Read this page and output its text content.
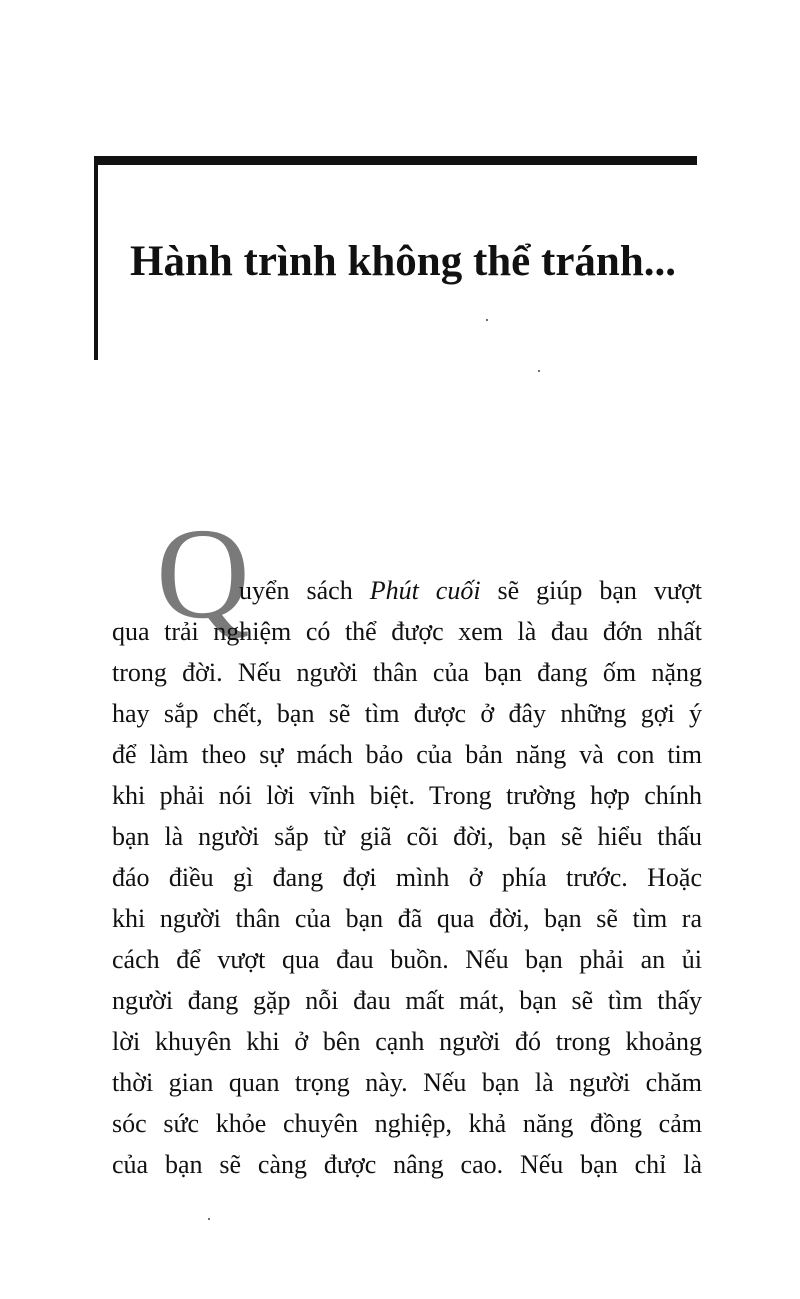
Hành trình không thể tránh...
Q
uyển sách Phút cuối sẽ giúp bạn vượt
qua trải nghiệm có thể được xem là đau đớn nhất
trong đời. Nếu người thân của bạn đang ốm nặng
hay sắp chết, bạn sẽ tìm được ở đây những gợi ý
để làm theo sự mách bảo của bản năng và con tim
khi phải nói lời vĩnh biệt. Trong trường hợp chính
bạn là người sắp từ giã cõi đời, bạn sẽ hiểu thấu
đáo điều gì đang đợi mình ở phía trước. Hoặc
khi người thân của bạn đã qua đời, bạn sẽ tìm ra
cách để vượt qua đau buồn. Nếu bạn phải an ủi
người đang gặp nỗi đau mất mát, bạn sẽ tìm thấy
lời khuyên khi ở bên cạnh người đó trong khoảng
thời gian quan trọng này. Nếu bạn là người chăm
sóc sức khỏe chuyên nghiệp, khả năng đồng cảm
của bạn sẽ càng được nâng cao. Nếu bạn chỉ là
